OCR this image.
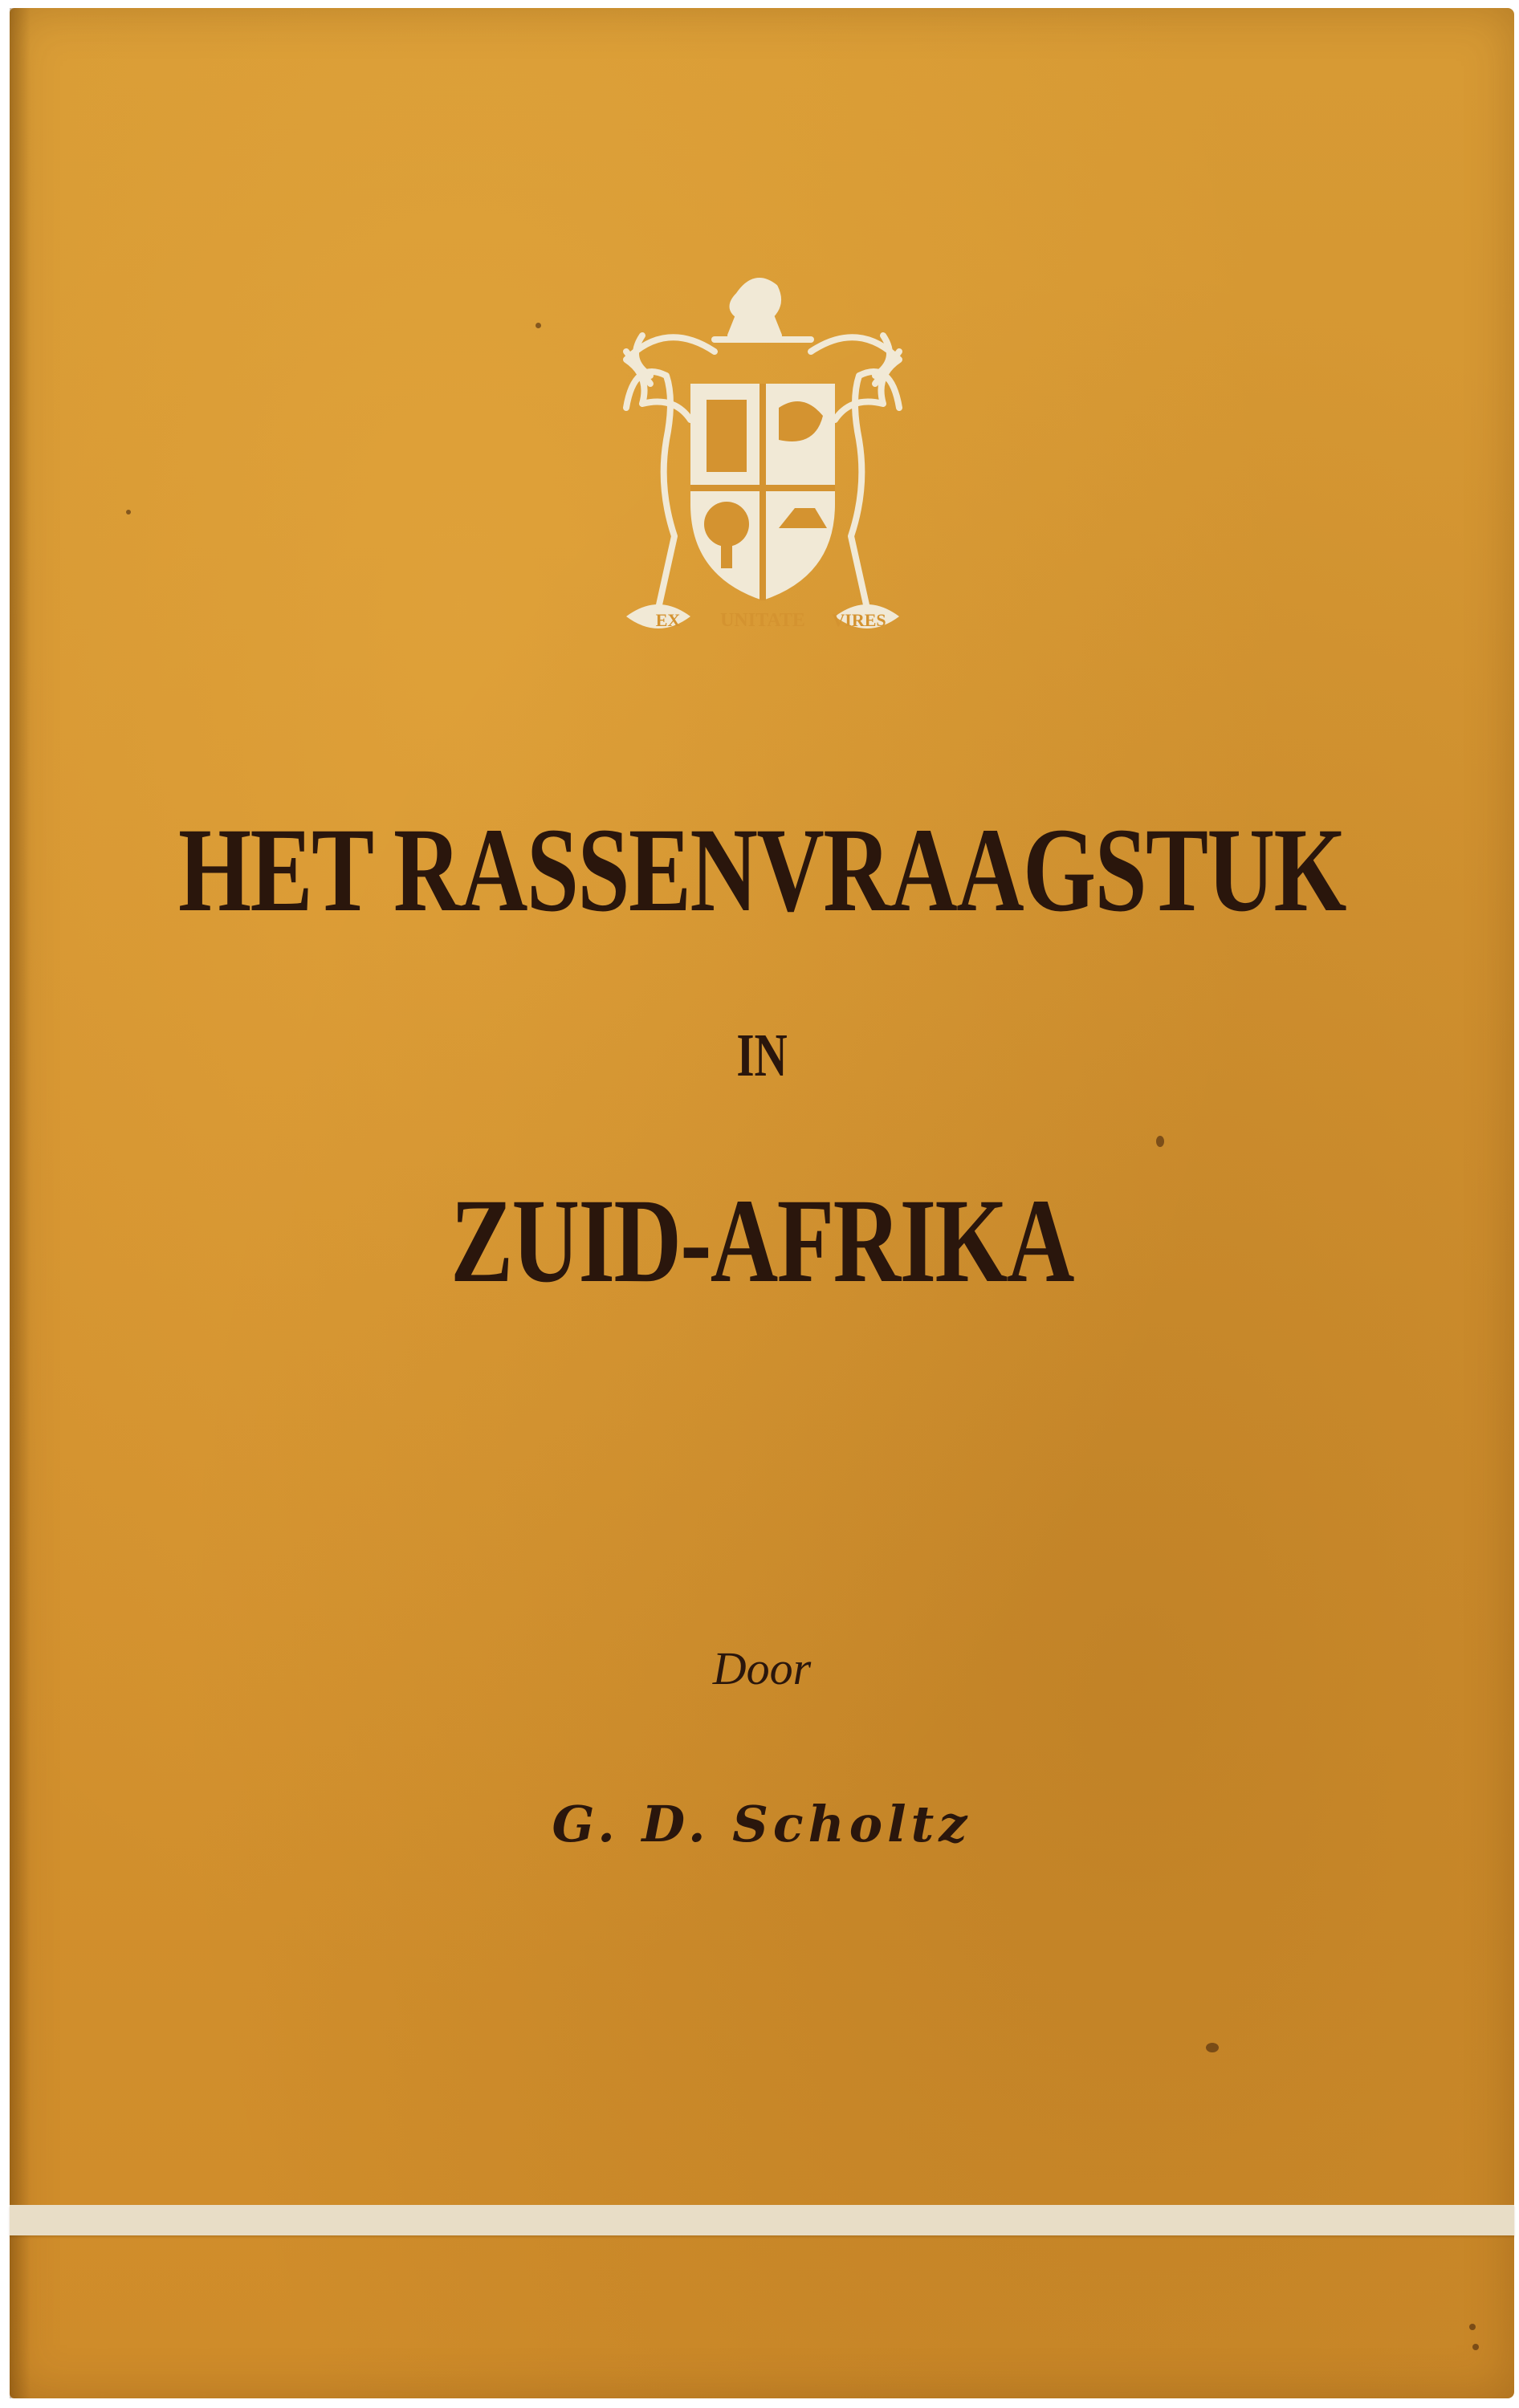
EX UNITATE VIRES
HET RASSENVRAAGSTUK
IN
ZUID-AFRIKA
Door
G. D. Scholtz
